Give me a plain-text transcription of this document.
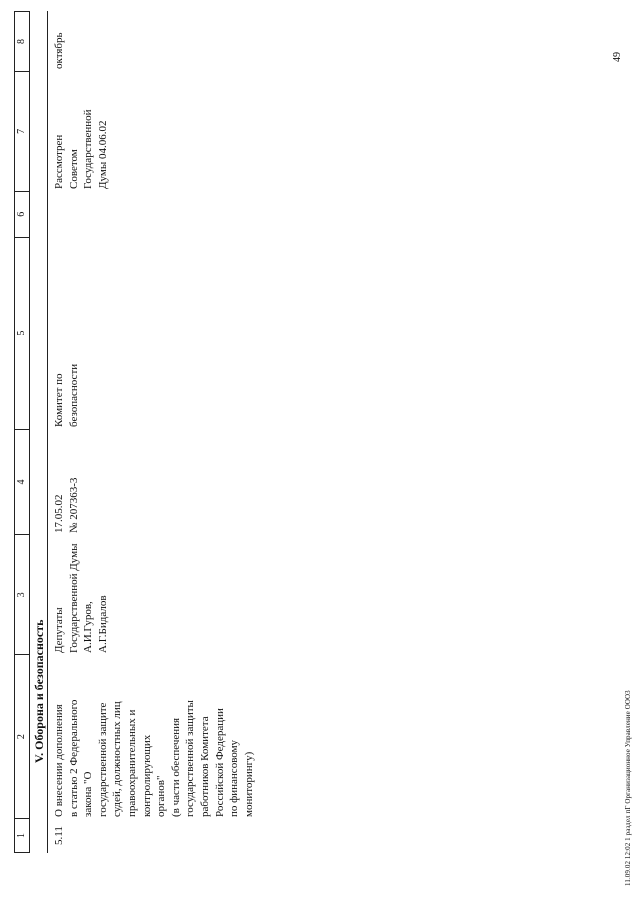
1
2
3
4
5
6
7
8
V. Оборона и безопасность
5.11
О внесении дополнения в статью 2 Федерального закона "О государственной защите судей, должностных лиц правоохранительных и контролирующих органов" (в части обеспечения государственной защиты работников Комитета Российской Федерации по финансовому мониторингу)
Депутаты Государственной Думы А.И.Гуров, А.Г.Бидалов
17.05.02 № 207363-3
Комитет по безопасности
Рассмотрен Советом Государственной Думы 04.06.02
октябрь	49
11.09.02 12:02 1 раздел пГ Организационное Управление ООО3
